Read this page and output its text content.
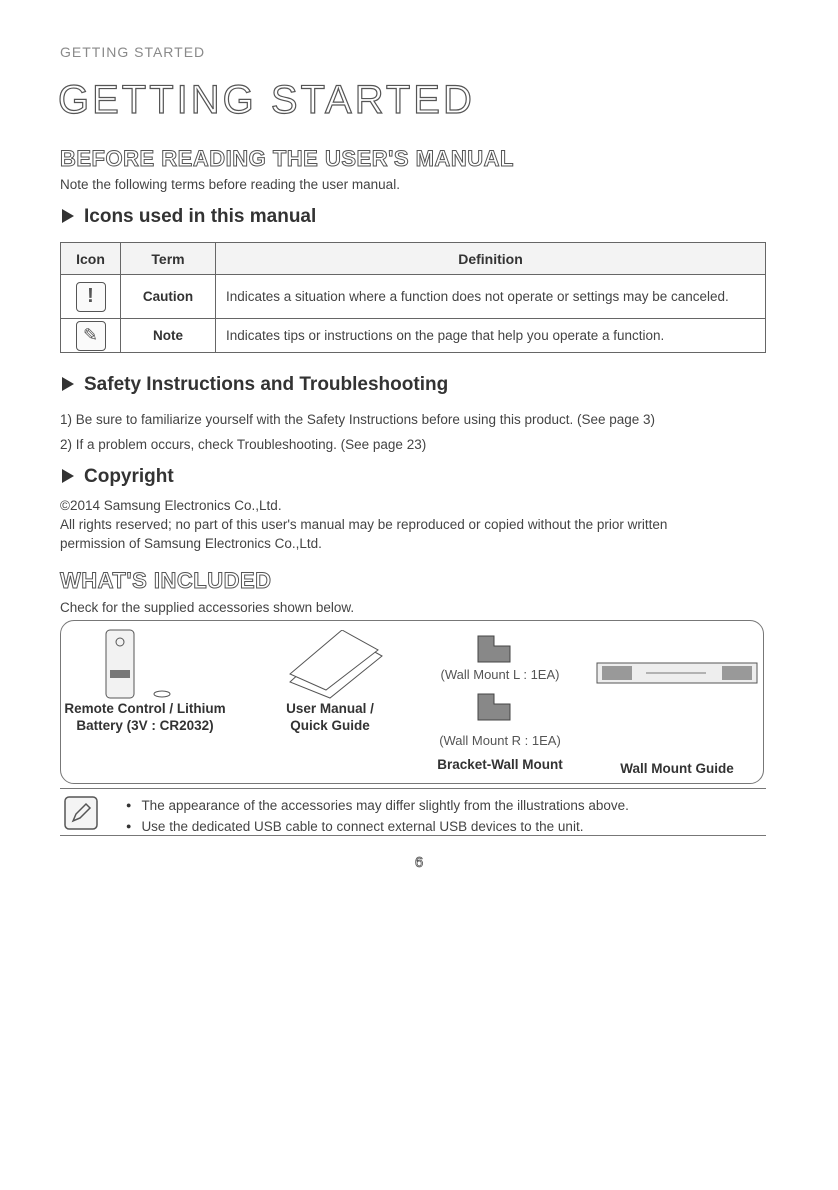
GETTING STARTED
GETTING STARTED
BEFORE READING THE USER'S MANUAL

Note the following terms before reading the user manual.

Icons used in this manual
Icon	Term	Definition
!	Caution	Indicates a situation where a function does not operate or settings may be canceled.
✎	Note	Indicates tips or instructions on the page that help you operate a function.
Safety Instructions and Troubleshooting

1) Be sure to familiarize yourself with the Safety Instructions before using this product. (See page 3)

2) If a problem occurs, check Troubleshooting. (See page 23)

Copyright

©2014 Samsung Electronics Co.,Ltd.

All rights reserved; no part of this user's manual may be reproduced or copied without the prior written

permission of Samsung Electronics Co.,Ltd.

WHAT'S INCLUDED

Check for the supplied accessories shown below.

Remote Control / Lithium
Battery (3V : CR2032)
User Manual /
Quick Guide
(Wall Mount L : 1EA)
(Wall Mount R : 1EA)
Bracket-Wall Mount	Wall Mount Guide
● The appearance of the accessories may differ slightly from the illustrations above.
● Use the dedicated USB cable to connect external USB devices to the unit.
6
